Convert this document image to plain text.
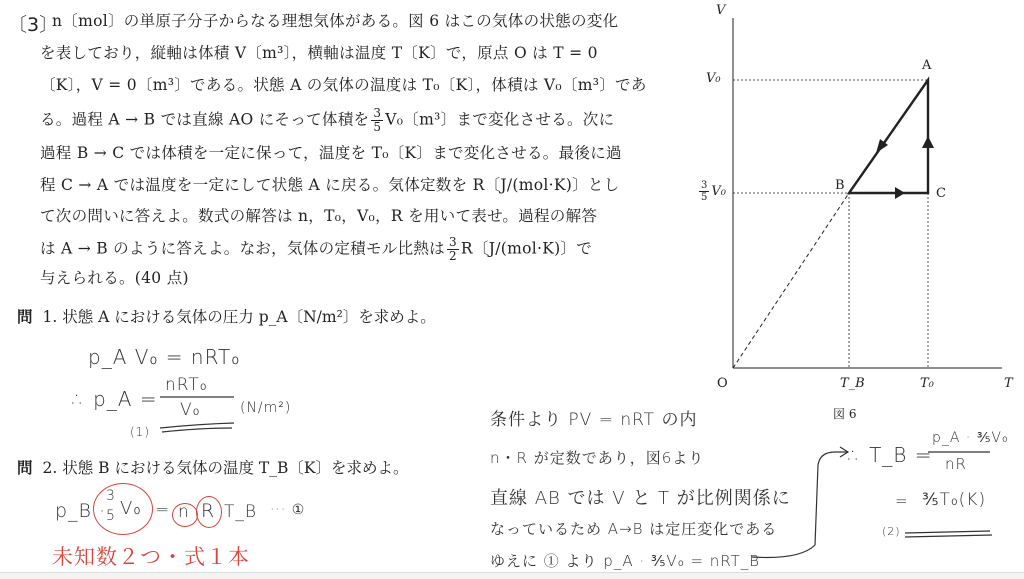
〔3〕
n〔mol〕の単原子分子からなる理想気体がある。図 6 はこの気体の状態の変化
を表しており，縦軸は体積 V〔m³〕，横軸は温度 T〔K〕で，原点 O は T = 0
〔K〕，V = 0〔m³〕である。状態 A の気体の温度は T₀〔K〕，体積は V₀〔m³〕であ
る。過程 A → B では直線 AO にそって体積を $\frac{3}{5} V_0$〔m³〕まで変化させる。次に
過程 B → C では体積を一定に保って，温度を T₀〔K〕まで変化させる。最後に過
程 C → A では温度を一定にして状態 A に戻る。気体定数を R〔J/(mol·K)〕とし
て次の問いに答えよ。数式の解答は n，T₀，V₀，R を用いて表せ。過程の解答
は A → B のように答えよ。なお，気体の定積モル比熱は $\frac{3}{2}$ R〔J/(mol·K)〕で
与えられる。(40 点)
問 1. 状態 A における気体の圧力 p_A〔N/m²〕を求めよ。
問 2. 状態 B における気体の温度 T_B〔K〕を求めよ。
p_A V₀ = nRT₀
∴ p_A =
nRT₀
V₀	(N/m²)
(1)
p_B ·
3
5 V₀ = n R T_B ··· ①
未知数２つ・式１本
条件より PV = nRT の内
n・R が定数であり，図6より
直線 AB では V と T が比例関係に
なっているため A→B は定圧変化である
ゆえに ① より p_A · ⅗V₀ = nRT_B
∴ T_B =
p_A · ⅗V₀
nR
= ⅗T₀(K)
(2)
V
T
O
V₀
$\frac{3}{5} V_0$
T_B	T₀
A
B
C
図 6
